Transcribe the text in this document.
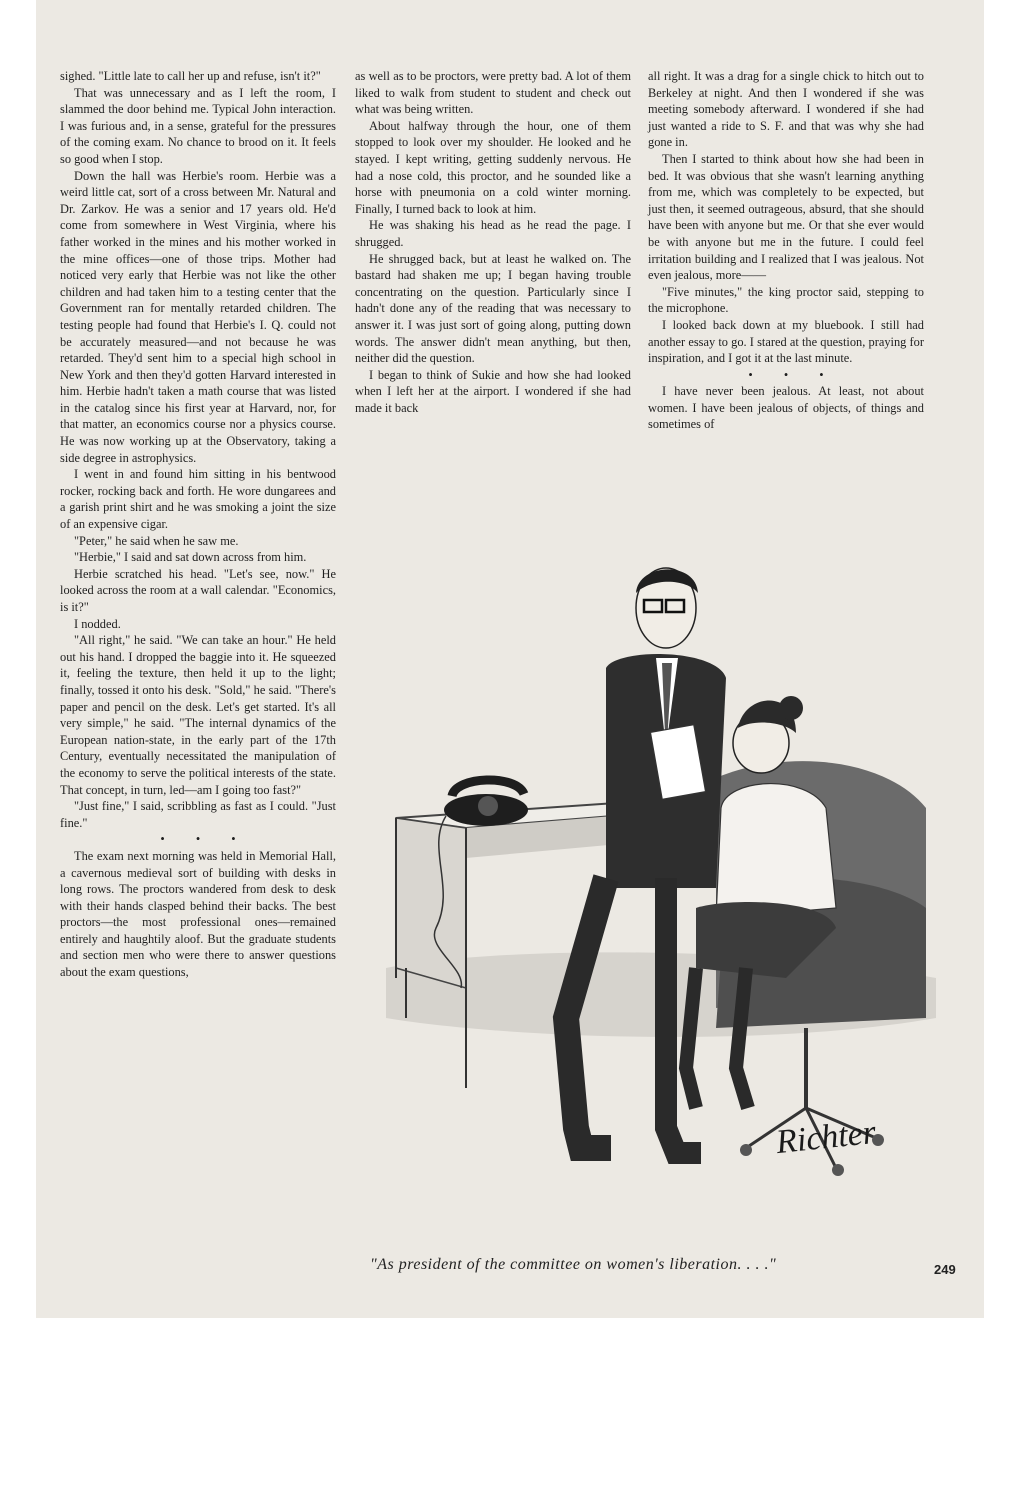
sighed. "Little late to call her up and refuse, isn't it?"

That was unnecessary and as I left the room, I slammed the door behind me. Typical John interaction. I was furious and, in a sense, grateful for the pressures of the coming exam. No chance to brood on it. It feels so good when I stop.

Down the hall was Herbie's room. Herbie was a weird little cat, sort of a cross between Mr. Natural and Dr. Zarkov. He was a senior and 17 years old. He'd come from somewhere in West Virginia, where his father worked in the mines and his mother worked in the mine offices—one of those trips. Mother had noticed very early that Herbie was not like the other children and had taken him to a testing center that the Government ran for mentally retarded children. The testing people had found that Herbie's I. Q. could not be accurately measured—and not because he was retarded. They'd sent him to a special high school in New York and then they'd gotten Harvard interested in him. Herbie hadn't taken a math course that was listed in the catalog since his first year at Harvard, nor, for that matter, an economics course nor a physics course. He was now working up at the Observatory, taking a side degree in astrophysics.

I went in and found him sitting in his bentwood rocker, rocking back and forth. He wore dungarees and a garish print shirt and he was smoking a joint the size of an expensive cigar.

"Peter," he said when he saw me.

"Herbie," I said and sat down across from him.

Herbie scratched his head. "Let's see, now." He looked across the room at a wall calendar. "Economics, is it?"

I nodded.

"All right," he said. "We can take an hour." He held out his hand. I dropped the baggie into it. He squeezed it, feeling the texture, then held it up to the light; finally, tossed it onto his desk. "Sold," he said. "There's paper and pencil on the desk. Let's get started. It's all very simple," he said. "The internal dynamics of the European nation-state, in the early part of the 17th Century, eventually necessitated the manipulation of the economy to serve the political interests of the state. That concept, in turn, led—am I going too fast?"

"Just fine," I said, scribbling as fast as I could. "Just fine."

• • •

The exam next morning was held in Memorial Hall, a cavernous medieval sort of building with desks in long rows. The proctors wandered from desk to desk with their hands clasped behind their backs. The best proctors—the most professional ones—remained entirely and haughtily aloof. But the graduate students and section men who were there to answer questions about the exam questions,

as well as to be proctors, were pretty bad. A lot of them liked to walk from student to student and check out what was being written.

About halfway through the hour, one of them stopped to look over my shoulder. He looked and he stayed. I kept writing, getting suddenly nervous. He had a nose cold, this proctor, and he sounded like a horse with pneumonia on a cold winter morning. Finally, I turned back to look at him.

He was shaking his head as he read the page. I shrugged.

He shrugged back, but at least he walked on. The bastard had shaken me up; I began having trouble concentrating on the question. Particularly since I hadn't done any of the reading that was necessary to answer it. I was just sort of going along, putting down words. The answer didn't mean anything, but then, neither did the question.

I began to think of Sukie and how she had looked when I left her at the airport. I wondered if she had made it back

all right. It was a drag for a single chick to hitch out to Berkeley at night. And then I wondered if she was meeting somebody afterward. I wondered if she had just wanted a ride to S. F. and that was why she had gone in.

Then I started to think about how she had been in bed. It was obvious that she wasn't learning anything from me, which was completely to be expected, but just then, it seemed outrageous, absurd, that she should have been with anyone but me. Or that she ever would be with anyone but me in the future. I could feel irritation building and I realized that I was jealous. Not even jealous, more——

"Five minutes," the king proctor said, stepping to the microphone.

I looked back down at my bluebook. I still had another essay to go. I stared at the question, praying for inspiration, and I got it at the last minute.

• • •

I have never been jealous. At least, not about women. I have been jealous of objects, of things and sometimes of

Richter
"As president of the committee on women's liberation. . . ."	249
